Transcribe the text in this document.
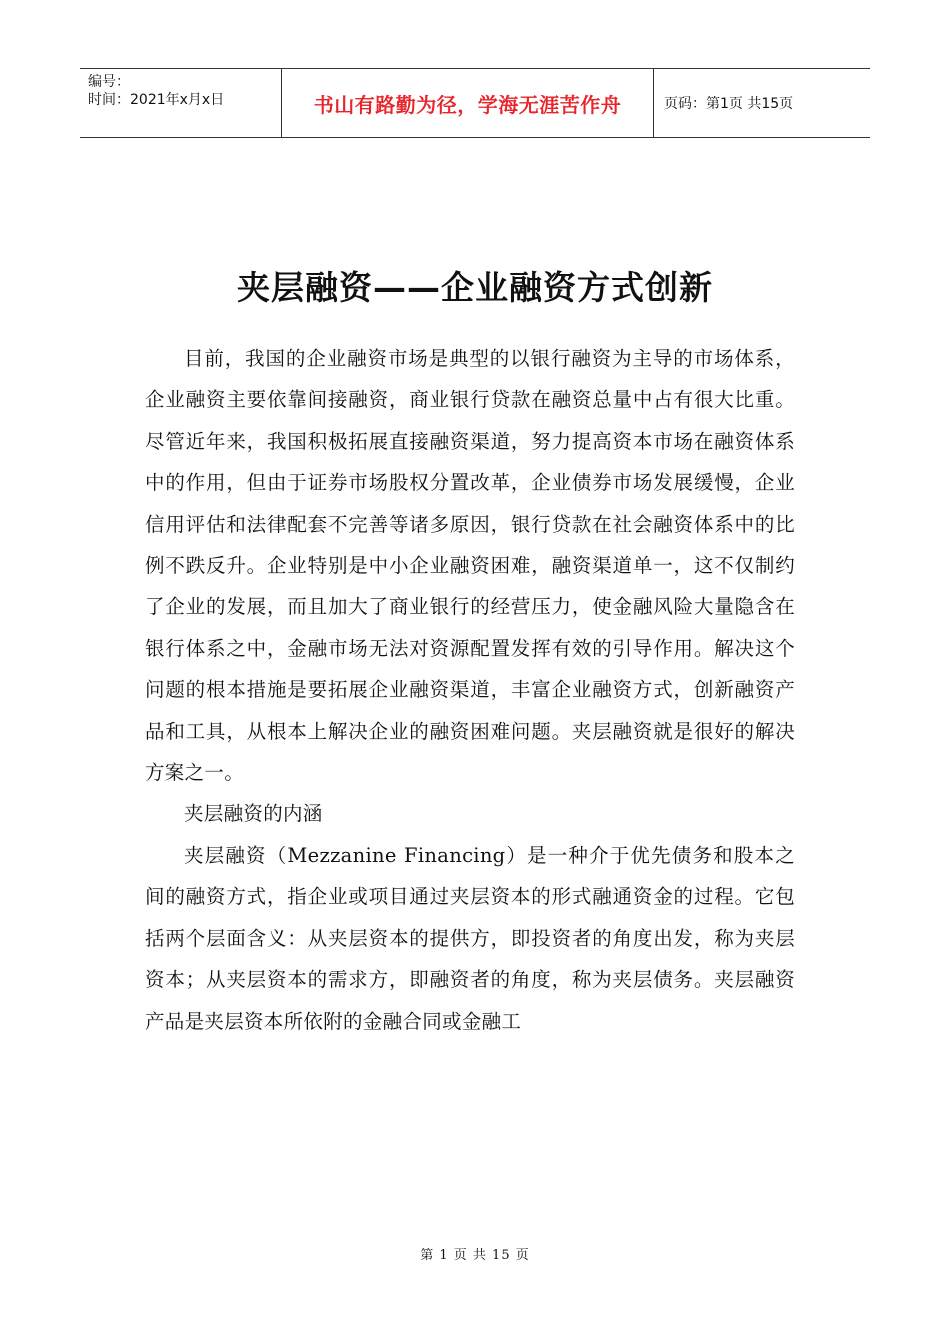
编号：
时间：2021年x月x日	书山有路勤为径，学海无涯苦作舟	页码：第1页 共15页
夹层融资——企业融资方式创新

目前，我国的企业融资市场是典型的以银行融资为主导的市场体系，企业融资主要依靠间接融资，商业银行贷款在融资总量中占有很大比重。尽管近年来，我国积极拓展直接融资渠道，努力提高资本市场在融资体系中的作用，但由于证券市场股权分置改革，企业债券市场发展缓慢，企业信用评估和法律配套不完善等诸多原因，银行贷款在社会融资体系中的比例不跌反升。企业特别是中小企业融资困难，融资渠道单一，这不仅制约了企业的发展，而且加大了商业银行的经营压力，使金融风险大量隐含在银行体系之中，金融市场无法对资源配置发挥有效的引导作用。解决这个问题的根本措施是要拓展企业融资渠道，丰富企业融资方式，创新融资产品和工具，从根本上解决企业的融资困难问题。夹层融资就是很好的解决方案之一。

夹层融资的内涵

夹层融资（Mezzanine Financing）是一种介于优先债务和股本之间的融资方式，指企业或项目通过夹层资本的形式融通资金的过程。它包括两个层面含义：从夹层资本的提供方，即投资者的角度出发，称为夹层资本；从夹层资本的需求方，即融资者的角度，称为夹层债务。夹层融资产品是夹层资本所依附的金融合同或金融工

第 1 页 共 15 页
